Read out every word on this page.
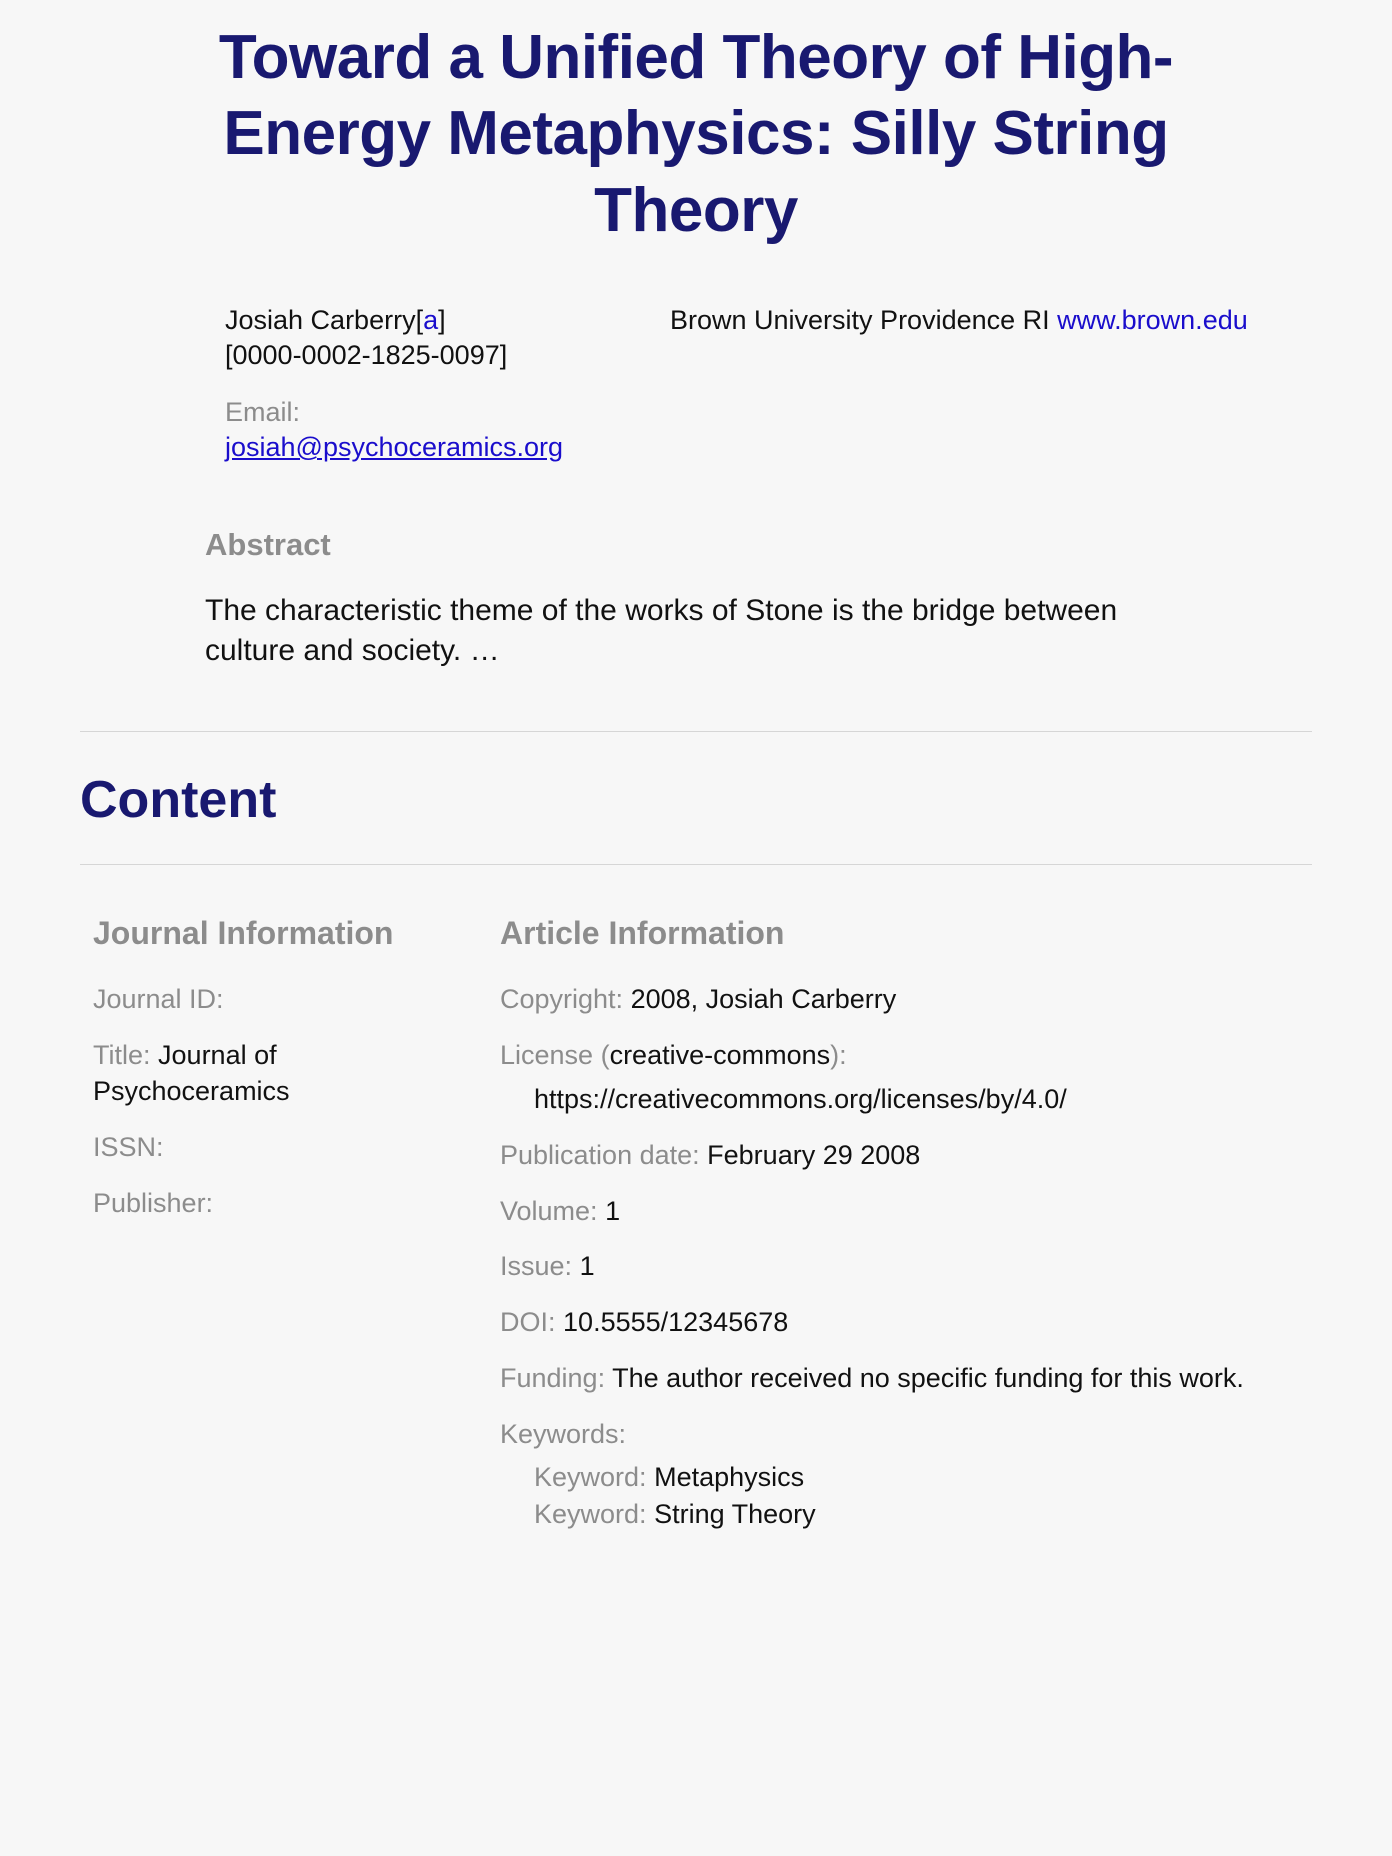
Toward a Unified Theory of High-Energy Metaphysics: Silly String Theory
Josiah Carberry[a]
[0000-0002-1825-0097]
Email:
josiah@psychoceramics.org
Brown University Providence RI www.brown.edu
Abstract
The characteristic theme of the works of Stone is the bridge between culture and society. …
Content
Journal Information
Journal ID:
Title: Journal of Psychoceramics
ISSN:
Publisher:
Article Information
Copyright: 2008, Josiah Carberry
License (creative-commons):
https://creativecommons.org/licenses/by/4.0/
Publication date: February 29 2008
Volume: 1
Issue: 1
DOI: 10.5555/12345678
Funding: The author received no specific funding for this work.
Keywords:
Keyword: Metaphysics
Keyword: String Theory
